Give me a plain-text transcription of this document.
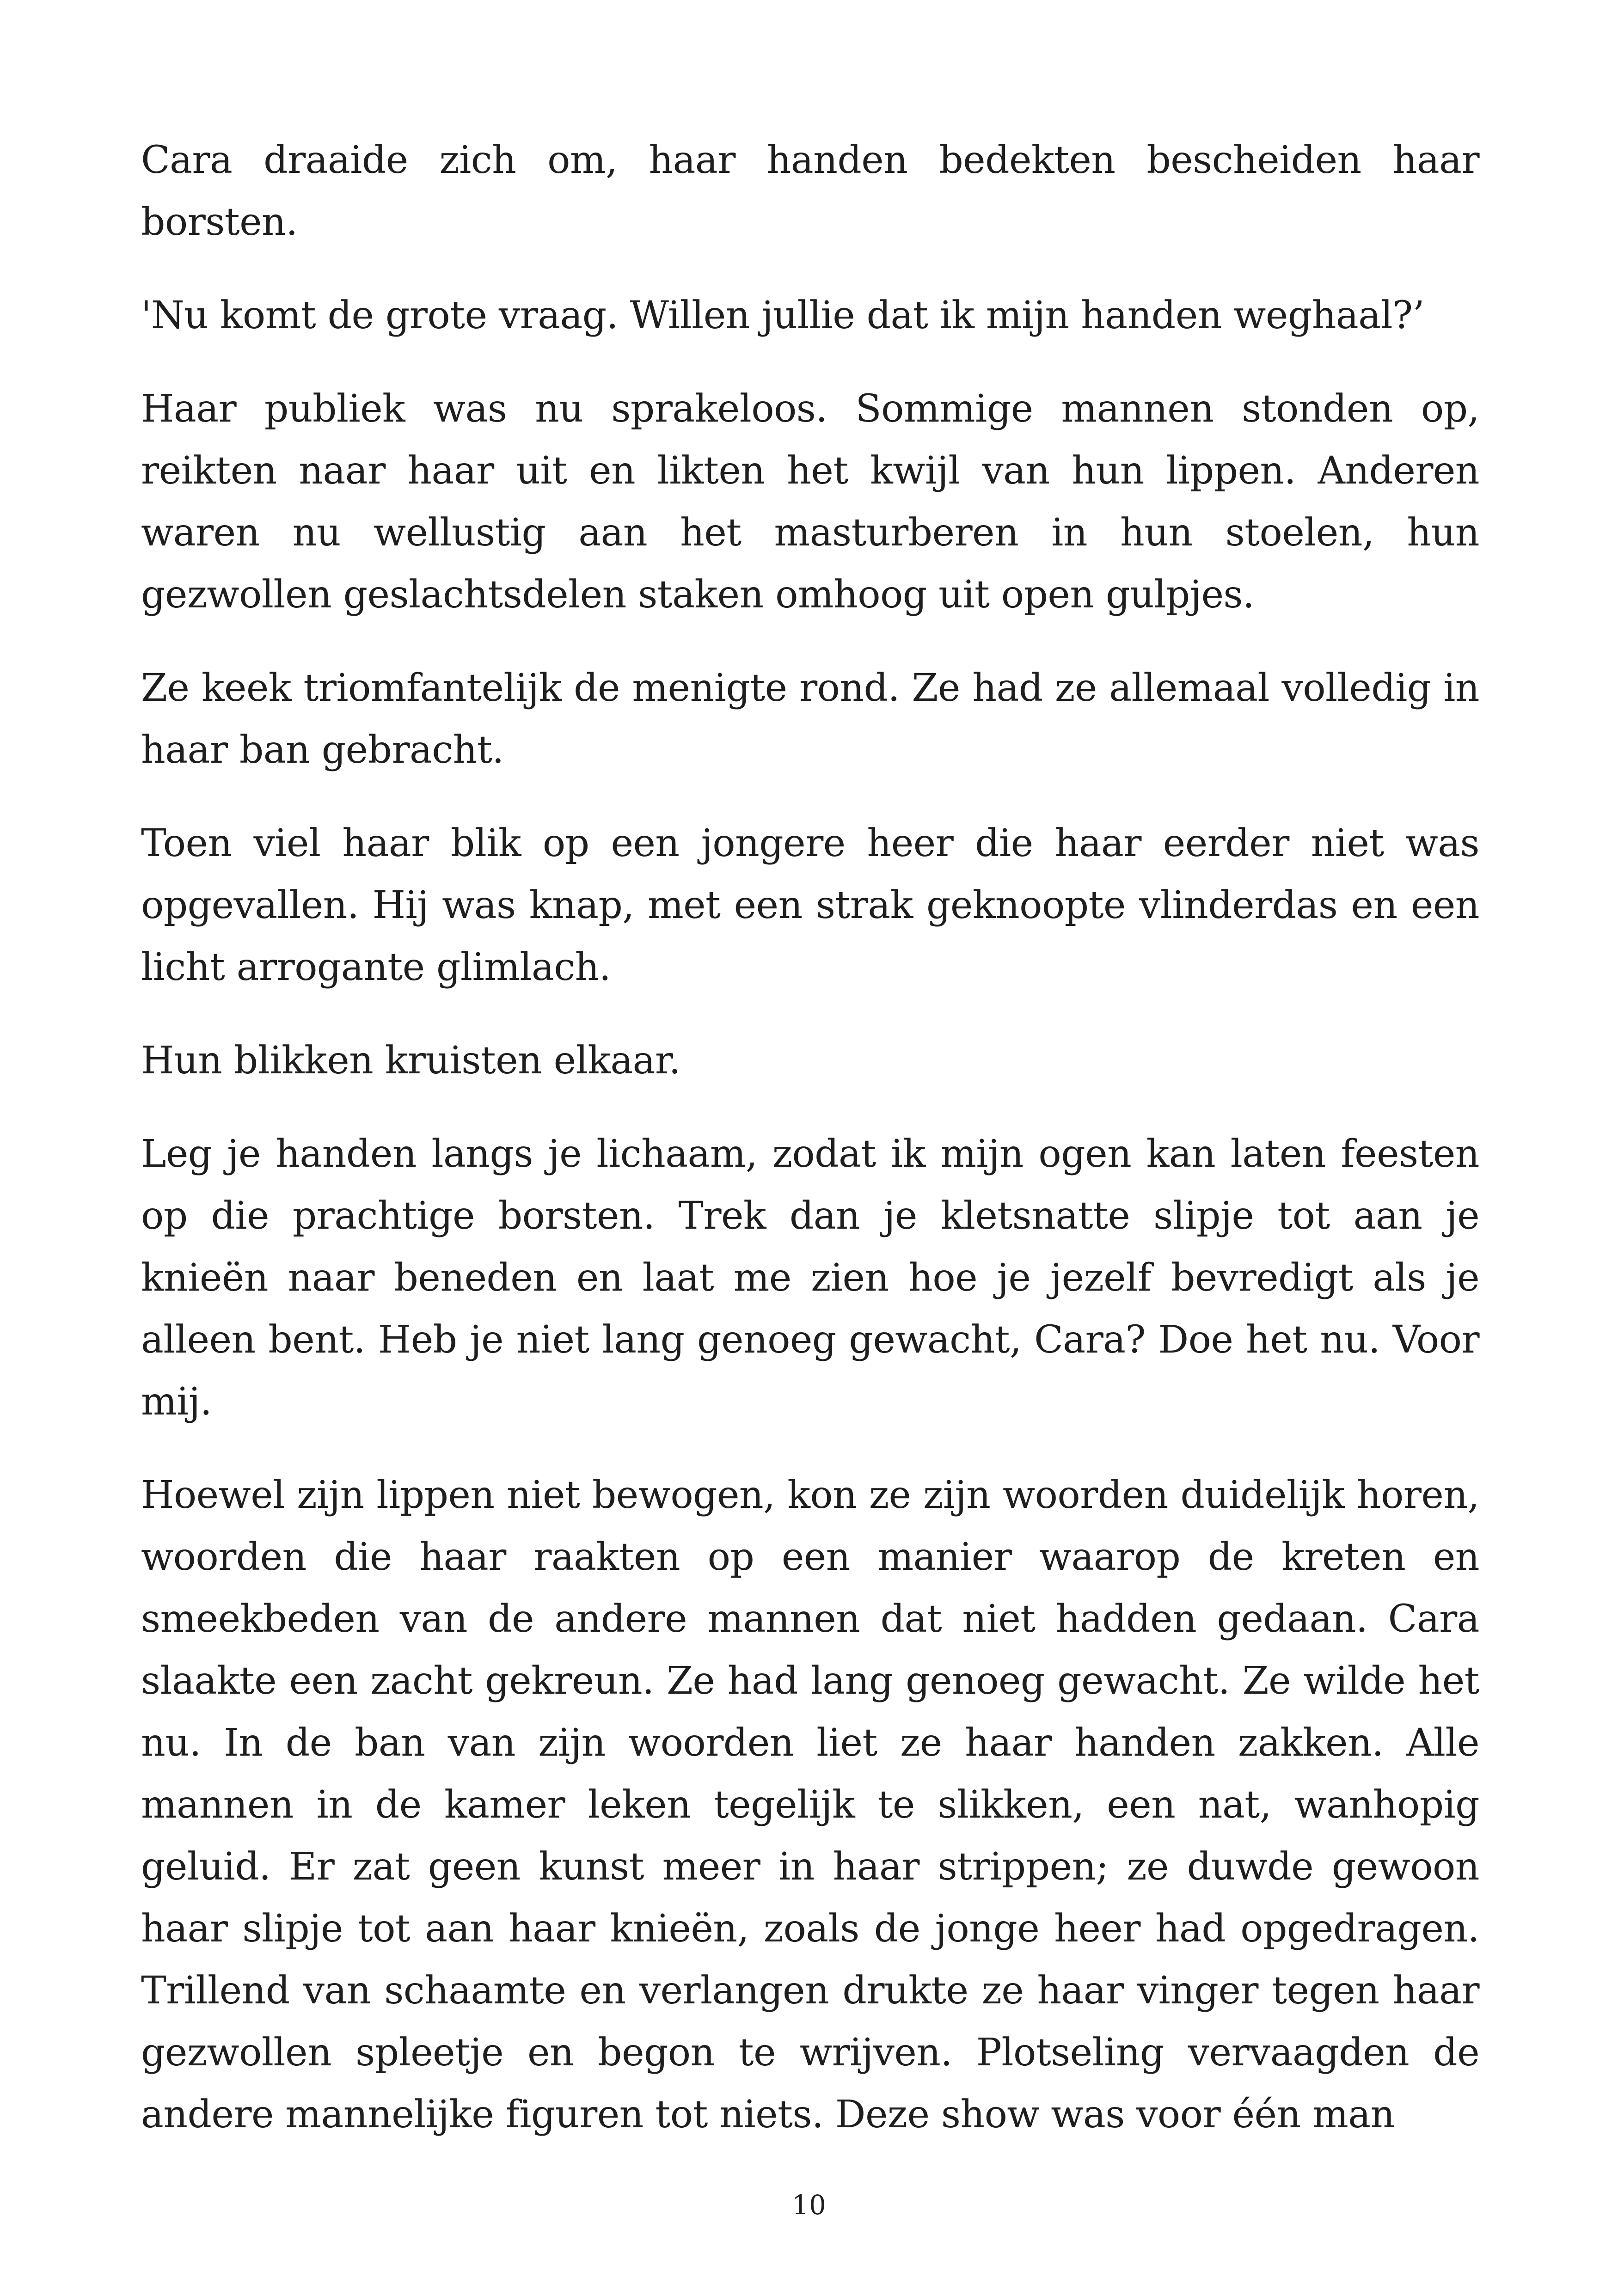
Cara draaide zich om, haar handen bedekten bescheiden haar borsten.

'Nu komt de grote vraag. Willen jullie dat ik mijn handen weghaal?’

Haar publiek was nu sprakeloos. Sommige mannen stonden op, reikten naar haar uit en likten het kwijl van hun lippen. Anderen waren nu wellustig aan het masturberen in hun stoelen, hun gezwollen geslachtsdelen staken omhoog uit open gulpjes.

Ze keek triomfantelijk de menigte rond. Ze had ze allemaal volledig in haar ban gebracht.

Toen viel haar blik op een jongere heer die haar eerder niet was opgevallen. Hij was knap, met een strak geknoopte vlinderdas en een licht arrogante glimlach.

Hun blikken kruisten elkaar.

Leg je handen langs je lichaam, zodat ik mijn ogen kan laten feesten op die prachtige borsten. Trek dan je kletsnatte slipje tot aan je knieën naar beneden en laat me zien hoe je jezelf bevredigt als je alleen bent. Heb je niet lang genoeg gewacht, Cara? Doe het nu. Voor mij.

Hoewel zijn lippen niet bewogen, kon ze zijn woorden duidelijk horen, woorden die haar raakten op een manier waarop de kreten en smeekbeden van de andere mannen dat niet hadden gedaan. Cara slaakte een zacht gekreun. Ze had lang genoeg gewacht. Ze wilde het nu. In de ban van zijn woorden liet ze haar handen zakken. Alle mannen in de kamer leken tegelijk te slikken, een nat, wanhopig geluid. Er zat geen kunst meer in haar strippen; ze duwde gewoon haar slipje tot aan haar knieën, zoals de jonge heer had opgedragen. Trillend van schaamte en verlangen drukte ze haar vinger tegen haar gezwollen spleetje en begon te wrijven. Plotseling vervaagden de andere mannelijke figuren tot niets. Deze show was voor één man

10
